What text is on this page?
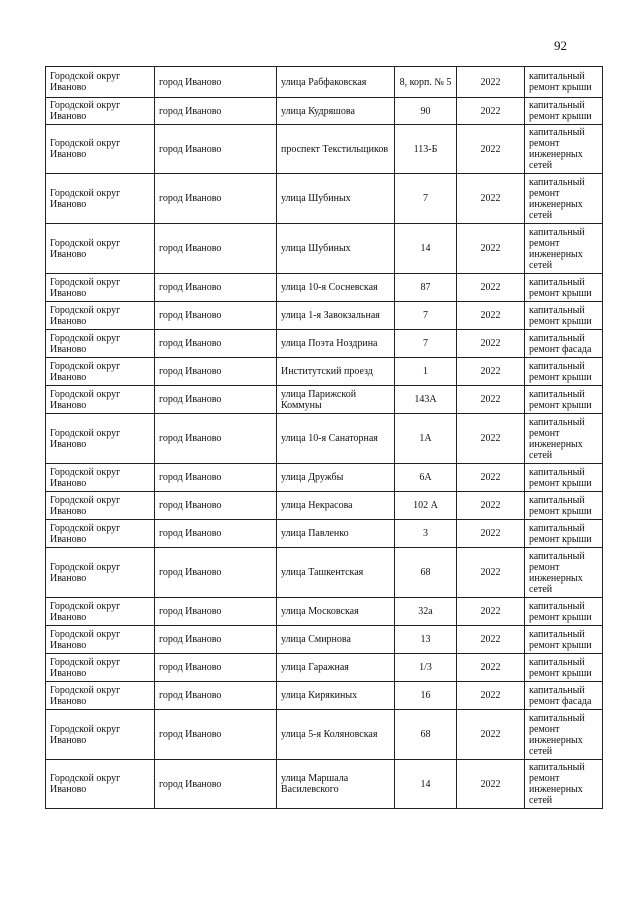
92
Городской округ Иваново	город Иваново	улица Рабфаковская	8, корп. № 5	2022	капитальный ремонт крыши
Городской округ Иваново	город Иваново	улица Кудряшова	90	2022	капитальный ремонт крыши
Городской округ Иваново	город Иваново	проспект Текстильщиков	113-Б	2022	капитальный ремонт инженерных сетей
Городской округ Иваново	город Иваново	улица Шубиных	7	2022	капитальный ремонт инженерных сетей
Городской округ Иваново	город Иваново	улица Шубиных	14	2022	капитальный ремонт инженерных сетей
Городской округ Иваново	город Иваново	улица 10-я Сосневская	87	2022	капитальный ремонт крыши
Городской округ Иваново	город Иваново	улица 1-я Завокзальная	7	2022	капитальный ремонт крыши
Городской округ Иваново	город Иваново	улица Поэта Ноздрина	7	2022	капитальный ремонт фасада
Городской округ Иваново	город Иваново	Институтский проезд	1	2022	капитальный ремонт крыши
Городской округ Иваново	город Иваново	улица Парижской Коммуны	143А	2022	капитальный ремонт крыши
Городской округ Иваново	город Иваново	улица 10-я Санаторная	1А	2022	капитальный ремонт инженерных сетей
Городской округ Иваново	город Иваново	улица Дружбы	6А	2022	капитальный ремонт крыши
Городской округ Иваново	город Иваново	улица Некрасова	102 А	2022	капитальный ремонт крыши
Городской округ Иваново	город Иваново	улица Павленко	3	2022	капитальный ремонт крыши
Городской округ Иваново	город Иваново	улица Ташкентская	68	2022	капитальный ремонт инженерных сетей
Городской округ Иваново	город Иваново	улица Московская	32а	2022	капитальный ремонт крыши
Городской округ Иваново	город Иваново	улица Смирнова	13	2022	капитальный ремонт крыши
Городской округ Иваново	город Иваново	улица Гаражная	1/3	2022	капитальный ремонт крыши
Городской округ Иваново	город Иваново	улица Кирякиных	16	2022	капитальный ремонт фасада
Городской округ Иваново	город Иваново	улица 5-я Коляновская	68	2022	капитальный ремонт инженерных сетей
Городской округ Иваново	город Иваново	улица Маршала Василевского	14	2022	капитальный ремонт инженерных сетей
